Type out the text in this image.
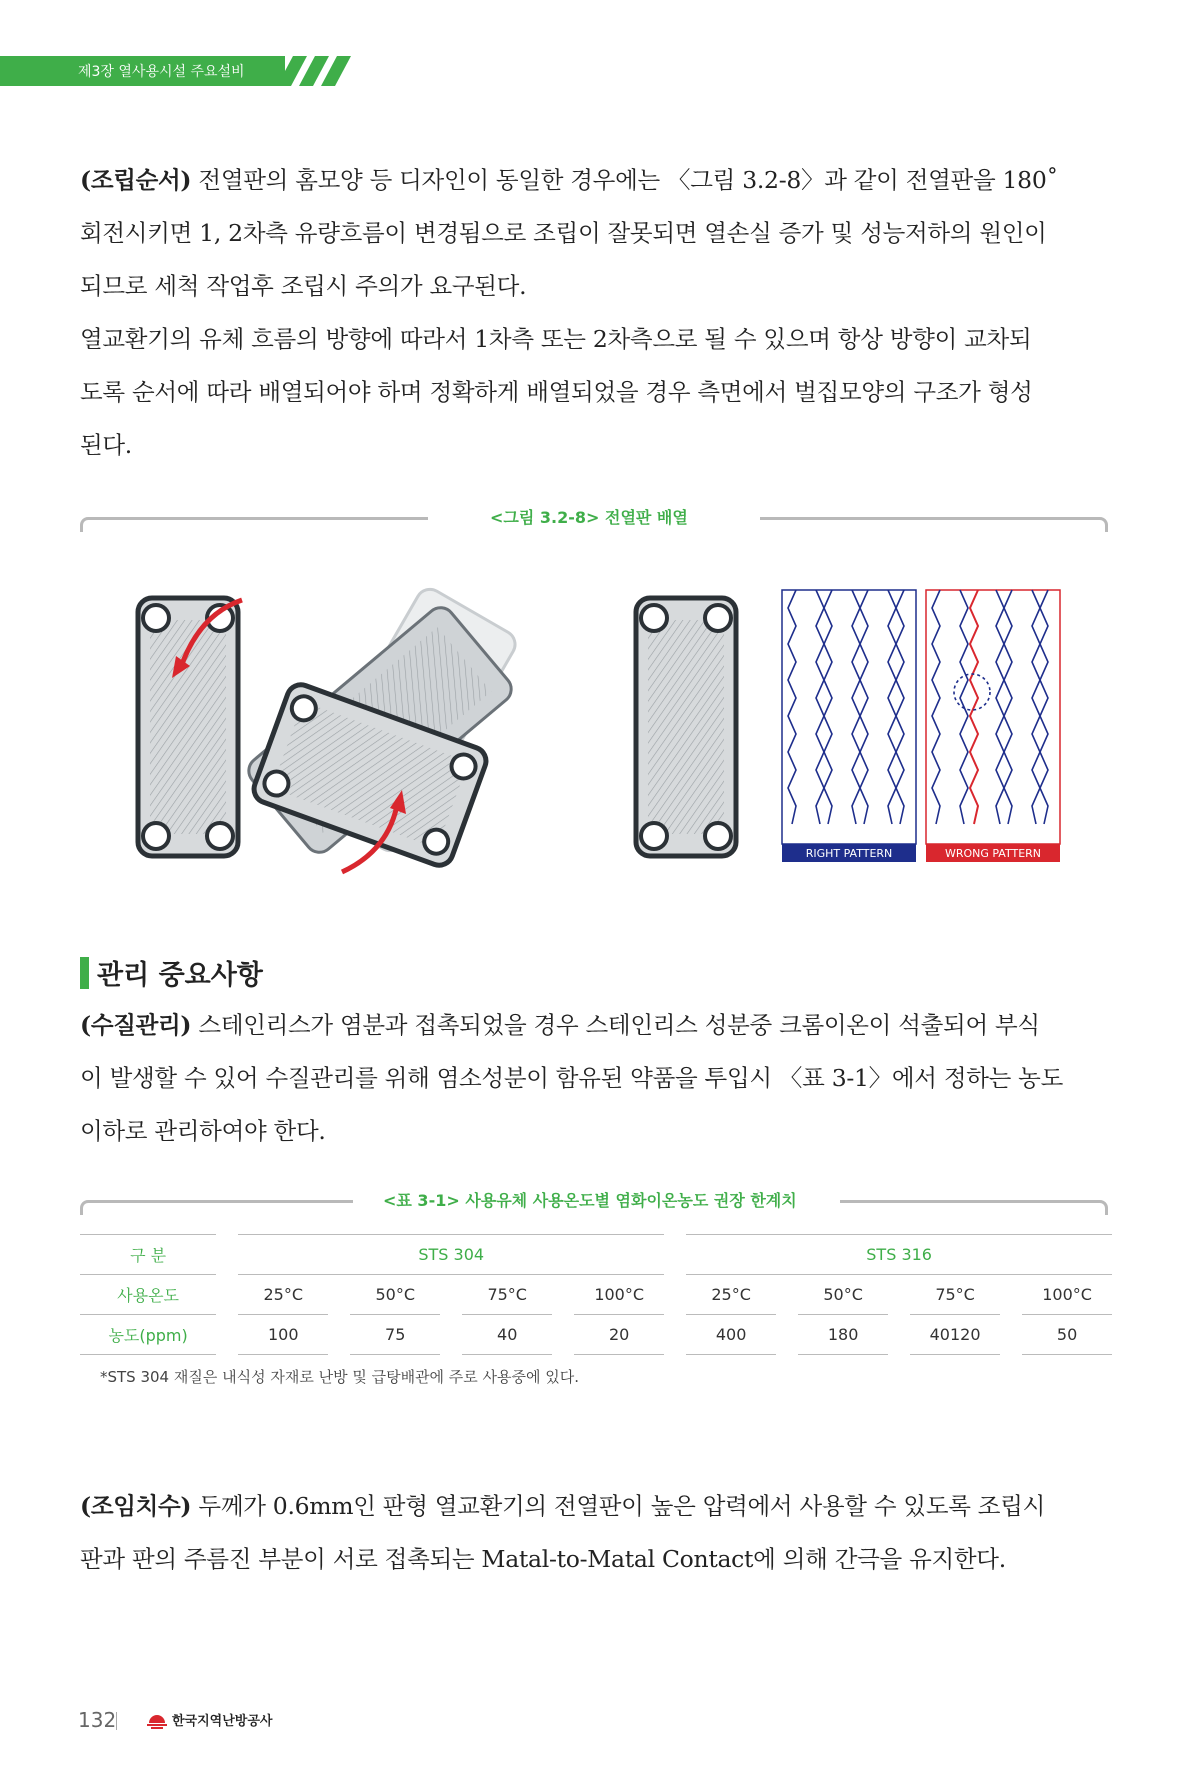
제3장 열사용시설 주요설비
(조립순서) 전열판의 홈모양 등 디자인이 동일한 경우에는 〈그림 3.2-8〉과 같이 전열판을 180˚
회전시키면 1, 2차측 유량흐름이 변경됨으로 조립이 잘못되면 열손실 증가 및 성능저하의 원인이
되므로 세척 작업후 조립시 주의가 요구된다.
열교환기의 유체 흐름의 방향에 따라서 1차측 또는 2차측으로 될 수 있으며 항상 방향이 교차되
도록 순서에 따라 배열되어야 하며 정확하게 배열되었을 경우 측면에서 벌집모양의 구조가 형성
된다.
<그림 3.2-8> 전열판 배열
RIGHT PATTERN	WRONG PATTERN
관리 중요사항
(수질관리) 스테인리스가 염분과 접촉되었을 경우 스테인리스 성분중 크롬이온이 석출되어 부식
이 발생할 수 있어 수질관리를 위해 염소성분이 함유된 약품을 투입시 〈표 3-1〉에서 정하는 농도
이하로 관리하여야 한다.
<표 3-1> 사용유체 사용온도별 염화이온농도 권장 한계치
구 분		STS 304								STS 316						
사용온도		25°C		50°C		75°C		100°C		25°C		50°C		75°C		100°C
농도(ppm)		100		75		40		20		400		180		40120		50
*STS 304 재질은 내식성 자재로 난방 및 급탕배관에 주로 사용중에 있다.
(조임치수) 두께가 0.6mm인 판형 열교환기의 전열판이 높은 압력에서 사용할 수 있도록 조립시
판과 판의 주름진 부분이 서로 접촉되는 Matal-to-Matal Contact에 의해 간극을 유지한다.
132	한국지역난방공사
